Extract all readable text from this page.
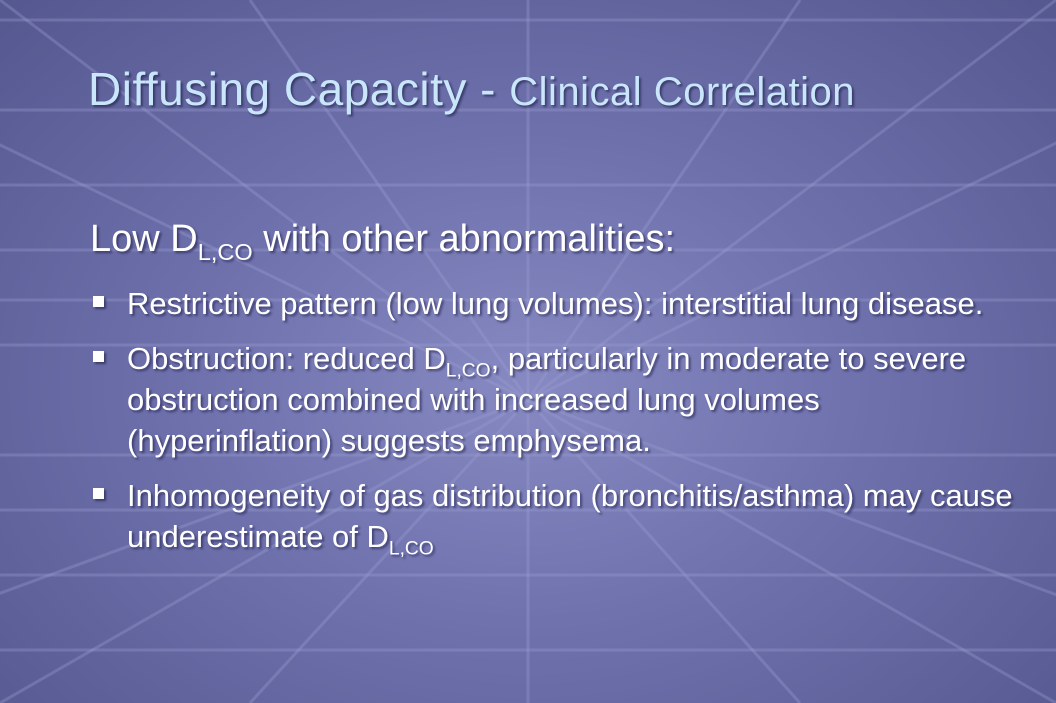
Diffusing Capacity - Clinical Correlation
Low $D_{L,CO}$ with other abnormalities:
Restrictive pattern (low lung volumes): interstitial lung disease.
Obstruction: reduced $D_{L,CO}$, particularly in moderate to severe obstruction combined with increased lung volumes (hyperinflation) suggests emphysema.
Inhomogeneity of gas distribution (bronchitis/asthma) may cause underestimate of $D_{L,CO}$
